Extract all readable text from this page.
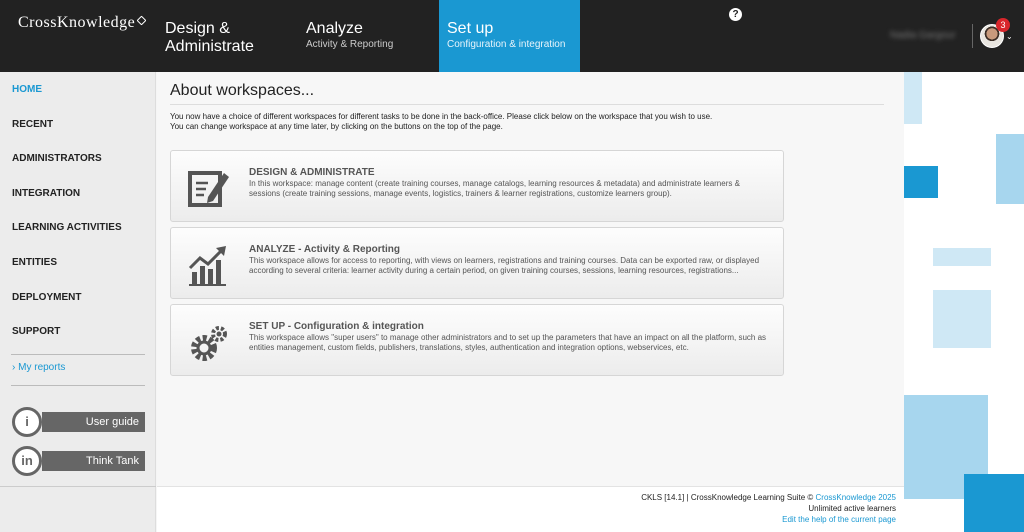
CrossKnowledge	Design &
Administrate
Analyze
Activity & Reporting
Set up
Configuration & integration
?
Nadia Gargour
3
⌄
HOME
RECENT
ADMINISTRATORS
INTEGRATION
LEARNING ACTIVITIES
ENTITIES
DEPLOYMENT
SUPPORT
› My reports
User guide
i
Think Tank
in
About workspaces...
You now have a choice of different workspaces for different tasks to be done in the back-office. Please click below on the workspace that you wish to use.
You can change workspace at any time later, by clicking on the buttons on the top of the page.
DESIGN & ADMINISTRATE
In this workspace: manage content (create training courses, manage catalogs, learning resources & metadata) and administrate learners & sessions (create training sessions, manage events, logistics, trainers & learner registrations, customize learners group).
ANALYZE - Activity & Reporting
This workspace allows for access to reporting, with views on learners, registrations and training courses. Data can be exported raw, or displayed according to several criteria: learner activity during a certain period, on given training courses, sessions, learning resources, registrations...
SET UP - Configuration & integration
This workspace allows "super users" to manage other administrators and to set up the parameters that have an impact on all the platform, such as entities management, custom fields, publishers, translations, styles, authentication and integration options, webservices, etc.
CKLS [14.1] | CrossKnowledge Learning Suite © CrossKnowledge 2025
Unlimited active learners
Edit the help of the current page
